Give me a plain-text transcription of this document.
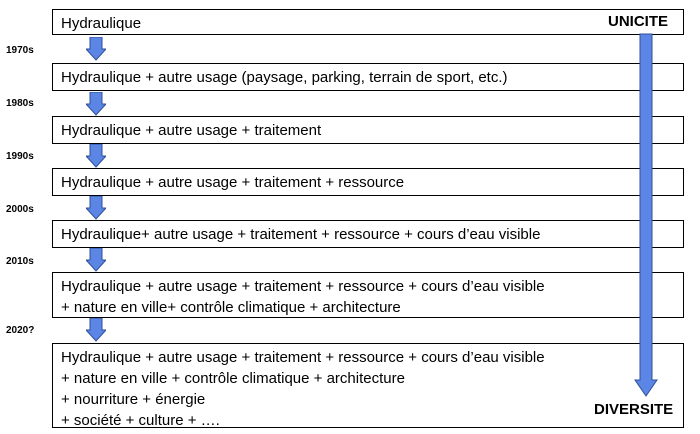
Hydraulique
1970s
Hydraulique + autre usage (paysage, parking, terrain de sport, etc.)
1980s
Hydraulique + autre usage + traitement
1990s
Hydraulique + autre usage + traitement + ressource
2000s
Hydraulique+ autre usage + traitement + ressource + cours d’eau visible
2010s
Hydraulique + autre usage + traitement + ressource + cours d’eau visible
+ nature en ville+ contrôle climatique + architecture
2020?
Hydraulique + autre usage + traitement + ressource + cours d’eau visible
+ nature en ville + contrôle climatique + architecture
+ nourriture + énergie
+ société + culture + ….
UNICITE
DIVERSITE
